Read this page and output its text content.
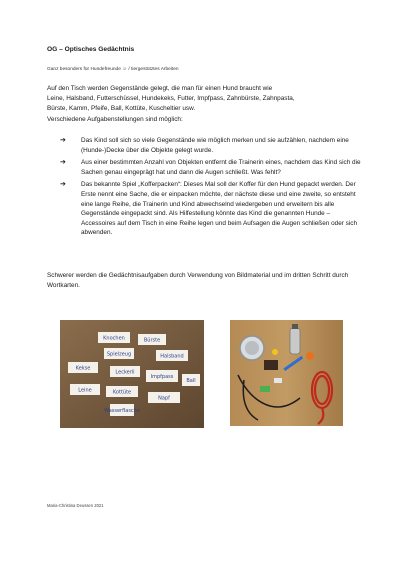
OG – Optisches Gedächtnis
Ganz besonders für Hundefreunde ☺ / tiergestütztes Arbeiten

Auf den Tisch werden Gegenstände gelegt, die man für einen Hund braucht wie

Leine, Halsband, Futterschüssel, Hundekeks, Futter, Impfpass, Zahnbürste, Zahnpasta,

Bürste, Kamm, Pfeife, Ball, Kottüte, Kuscheltier usw.

Verschiedene Aufgabenstellungen sind möglich:

➔ Das Kind soll sich so viele Gegenstände wie möglich merken und sie aufzählen, nachdem eine (Hunde-)Decke über die Objekte gelegt wurde.
➔ Aus einer bestimmten Anzahl von Objekten entfernt die Trainerin eines, nachdem das Kind sich die Sachen genau eingeprägt hat und dann die Augen schließt. Was fehlt?
➔ Das bekannte Spiel „Kofferpacken“: Dieses Mal soll der Koffer für den Hund gepackt werden. Der Erste nennt eine Sache, die er einpacken möchte, der nächste diese und eine zweite, so entsteht eine lange Reihe, die Trainerin und Kind abwechselnd wiedergeben und erweitern bis alle Gegenstände eingepackt sind. Als Hilfestellung könnte das Kind die genannten Hunde – Accessoires auf dem Tisch in eine Reihe legen und beim Aufsagen die Augen schließen oder sich abwenden.
Schwerer werden die Gedächtnisaufgaben durch Verwendung von Bildmaterial und im dritten Schritt durch Wortkarten.
Knochen	Bürste
Spielzeug	Halsband
Kekse
Leckerli
Impfpass
Ball
Leine	Kottüte
Napf
Wasserflasche
Maria-Christina Deussen 2021
